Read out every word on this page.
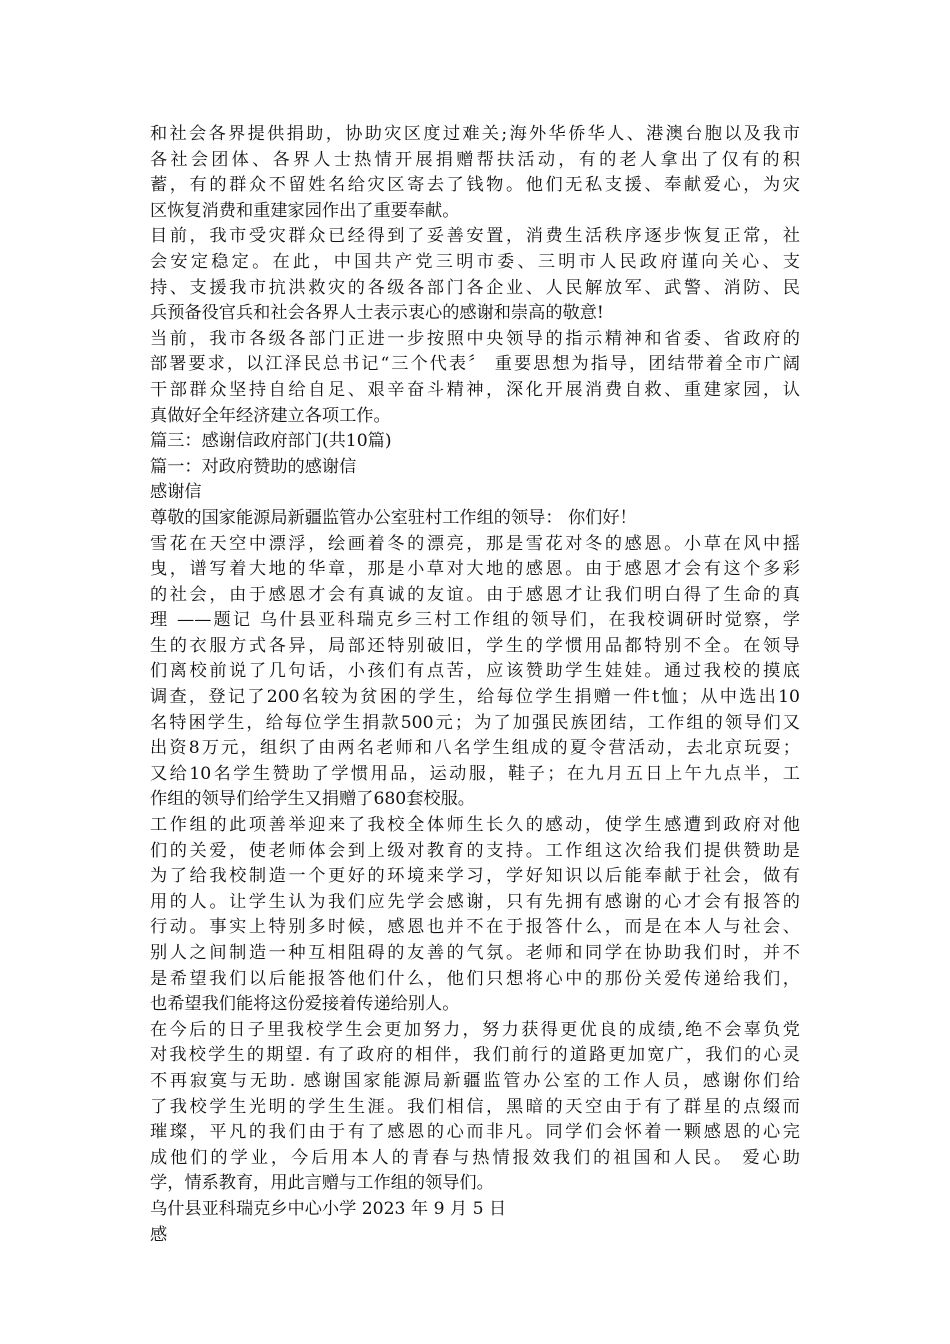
和社会各界提供捐助，协助灾区度过难关;海外华侨华人、港澳台胞以及我市
各社会团体、各界人士热情开展捐赠帮扶活动，有的老人拿出了仅有的积
蓄，有的群众不留姓名给灾区寄去了钱物。他们无私支援、奉献爱心，为灾
区恢复消费和重建家园作出了重要奉献。
目前，我市受灾群众已经得到了妥善安置，消费生活秩序逐步恢复正常，社
会安定稳定。在此，中国共产党三明市委、三明市人民政府谨向关心、支
持、支援我市抗洪救灾的各级各部门各企业、人民解放军、武警、消防、民
兵预备役官兵和社会各界人士表示衷心的感谢和崇高的敬意!
当前，我市各级各部门正进一步按照中央领导的指示精神和省委、省政府的
部署要求，以江泽民总书记“三个代表〞 重要思想为指导，团结带着全市广阔
干部群众坚持自给自足、艰辛奋斗精神，深化开展消费自救、重建家园，认
真做好全年经济建立各项工作。
篇三：感谢信政府部门(共10篇)
篇一：对政府赞助的感谢信
感谢信
尊敬的国家能源局新疆监管办公室驻村工作组的领导： 你们好！
雪花在天空中漂浮，绘画着冬的漂亮，那是雪花对冬的感恩。小草在风中摇
曳，谱写着大地的华章，那是小草对大地的感恩。由于感恩才会有这个多彩
的社会，由于感恩才会有真诚的友谊。由于感恩才让我们明白得了生命的真
理 ——题记 乌什县亚科瑞克乡三村工作组的领导们，在我校调研时觉察，学
生的衣服方式各异，局部还特别破旧，学生的学惯用品都特别不全。在领导
们离校前说了几句话，小孩们有点苦，应该赞助学生娃娃。通过我校的摸底
调查，登记了200名较为贫困的学生，给每位学生捐赠一件t恤；从中选出10
名特困学生，给每位学生捐款500元；为了加强民族团结，工作组的领导们又
出资8万元，组织了由两名老师和八名学生组成的夏令营活动，去北京玩耍；
又给10名学生赞助了学惯用品，运动服，鞋子；在九月五日上午九点半，工
作组的领导们给学生又捐赠了680套校服。
工作组的此项善举迎来了我校全体师生长久的感动，使学生感遭到政府对他
们的关爱，使老师体会到上级对教育的支持。工作组这次给我们提供赞助是
为了给我校制造一个更好的环境来学习，学好知识以后能奉献于社会，做有
用的人。让学生认为我们应先学会感谢，只有先拥有感谢的心才会有报答的
行动。事实上特别多时候，感恩也并不在于报答什么，而是在本人与社会、
别人之间制造一种互相阻碍的友善的气氛。老师和同学在协助我们时，并不
是希望我们以后能报答他们什么，他们只想将心中的那份关爱传递给我们，
也希望我们能将这份爱接着传递给别人。
在今后的日子里我校学生会更加努力，努力获得更优良的成绩,绝不会辜负党
对我校学生的期望. 有了政府的相伴，我们前行的道路更加宽广，我们的心灵
不再寂寞与无助. 感谢国家能源局新疆监管办公室的工作人员，感谢你们给
了我校学生光明的学生生涯。我们相信，黑暗的天空由于有了群星的点缀而
璀璨，平凡的我们由于有了感恩的心而非凡。同学们会怀着一颗感恩的心完
成他们的学业，今后用本人的青春与热情报效我们的祖国和人民。 爱心助
学，情系教育，用此言赠与工作组的领导们。
乌什县亚科瑞克乡中心小学 2023 年 9 月 5 日
感
